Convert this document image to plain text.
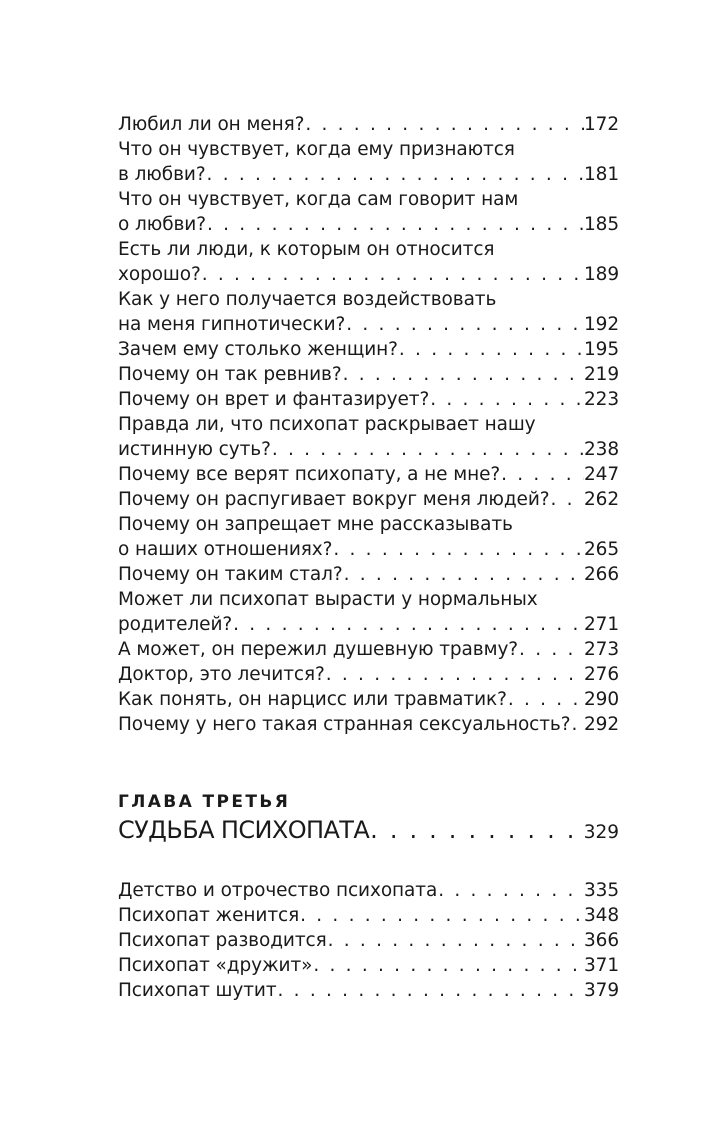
Любил ли он меня? . . .	172
Что он чувствует, когда ему признаются
в любви? . . .	181
Что он чувствует, когда сам говорит нам
о любви? . . .	185
Есть ли люди, к которым он относится
хорошо? . . .	189
Как у него получается воздействовать
на меня гипнотически? . . .	192
Зачем ему столько женщин? . . .	195
Почему он так ревнив? . . .	219
Почему он врет и фантазирует? . . .	223
Правда ли, что психопат раскрывает нашу
истинную суть? . . .	238
Почему все верят психопату, а не мне? . . .	247
Почему он распугивает вокруг меня людей? . . . 262
Почему он запрещает мне рассказывать
о наших отношениях? . . .	265
Почему он таким стал? . . .	266
Может ли психопат вырасти у нормальных
родителей? . . .	271
А может, он пережил душевную травму? . . .	273
Доктор, это лечится? . . .	276
Как понять, он нарцисс или травматик? . . .	290
Почему у него такая странная сексуальность? . . . 292
ГЛАВА ТРЕТЬЯ
СУДЬБА ПСИХОПАТА . . .	329
Детство и отрочество психопата . . .	335
Психопат женится . . .	348
Психопат разводится . . .	366
Психопат «дружит» . . .	371
Психопат шутит . . .	379
